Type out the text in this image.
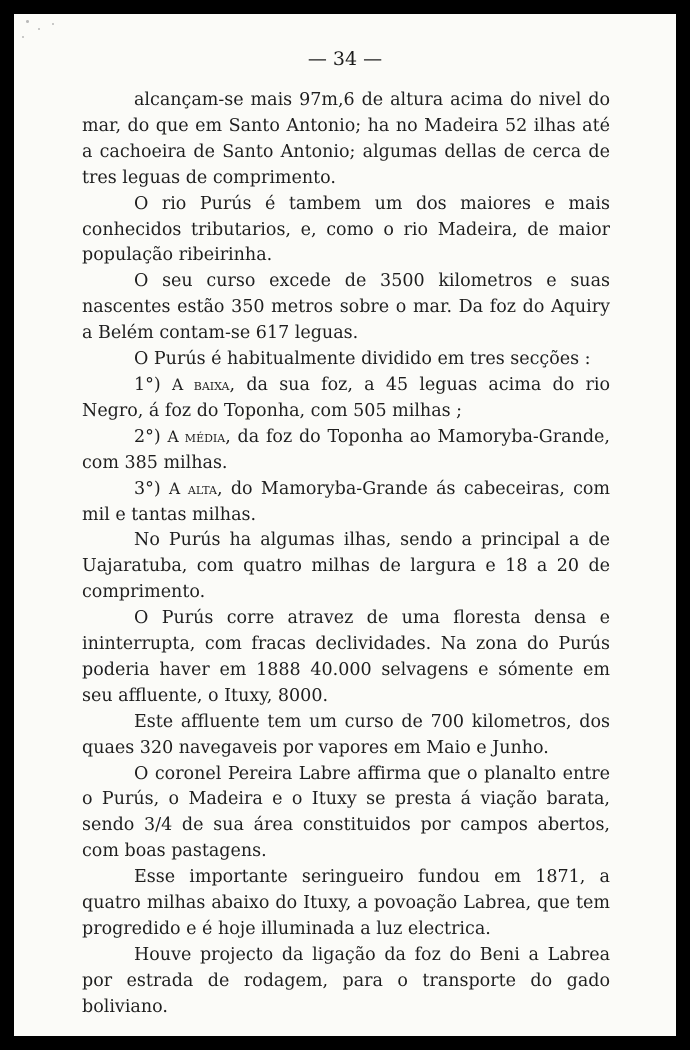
— 34 —

alcançam-se mais 97m,6 de altura acima do nivel do mar, do que em Santo Antonio; ha no Madeira 52 ilhas até a cachoeira de Santo Antonio; algumas dellas de cerca de tres leguas de comprimento.

O rio Purús é tambem um dos maiores e mais conhecidos tributarios, e, como o rio Madeira, de maior população ribeirinha.

O seu curso excede de 3500 kilometros e suas nascentes estão 350 metros sobre o mar. Da foz do Aquiry a Belém contam-se 617 leguas.

O Purús é habitualmente dividido em tres secções :

1°) A baixa, da sua foz, a 45 leguas acima do rio Negro, á foz do Toponha, com 505 milhas ;

2°) A média, da foz do Toponha ao Mamoryba-Grande, com 385 milhas.

3°) A alta, do Mamoryba-Grande ás cabeceiras, com mil e tantas milhas.

No Purús ha algumas ilhas, sendo a principal a de Uajaratuba, com quatro milhas de largura e 18 a 20 de comprimento.

O Purús corre atravez de uma floresta densa e ininterrupta, com fracas declividades. Na zona do Purús poderia haver em 1888 40.000 selvagens e sómente em seu affluente, o Ituxy, 8000.

Este affluente tem um curso de 700 kilometros, dos quaes 320 navegaveis por vapores em Maio e Junho.

O coronel Pereira Labre affirma que o planalto entre o Purús, o Madeira e o Ituxy se presta á viação barata, sendo 3/4 de sua área constituidos por campos abertos, com boas pastagens.

Esse importante seringueiro fundou em 1871, a quatro milhas abaixo do Ituxy, a povoação Labrea, que tem progredido e é hoje illuminada a luz electrica.

Houve projecto da ligação da foz do Beni a Labrea por estrada de rodagem, para o transporte do gado boliviano.
